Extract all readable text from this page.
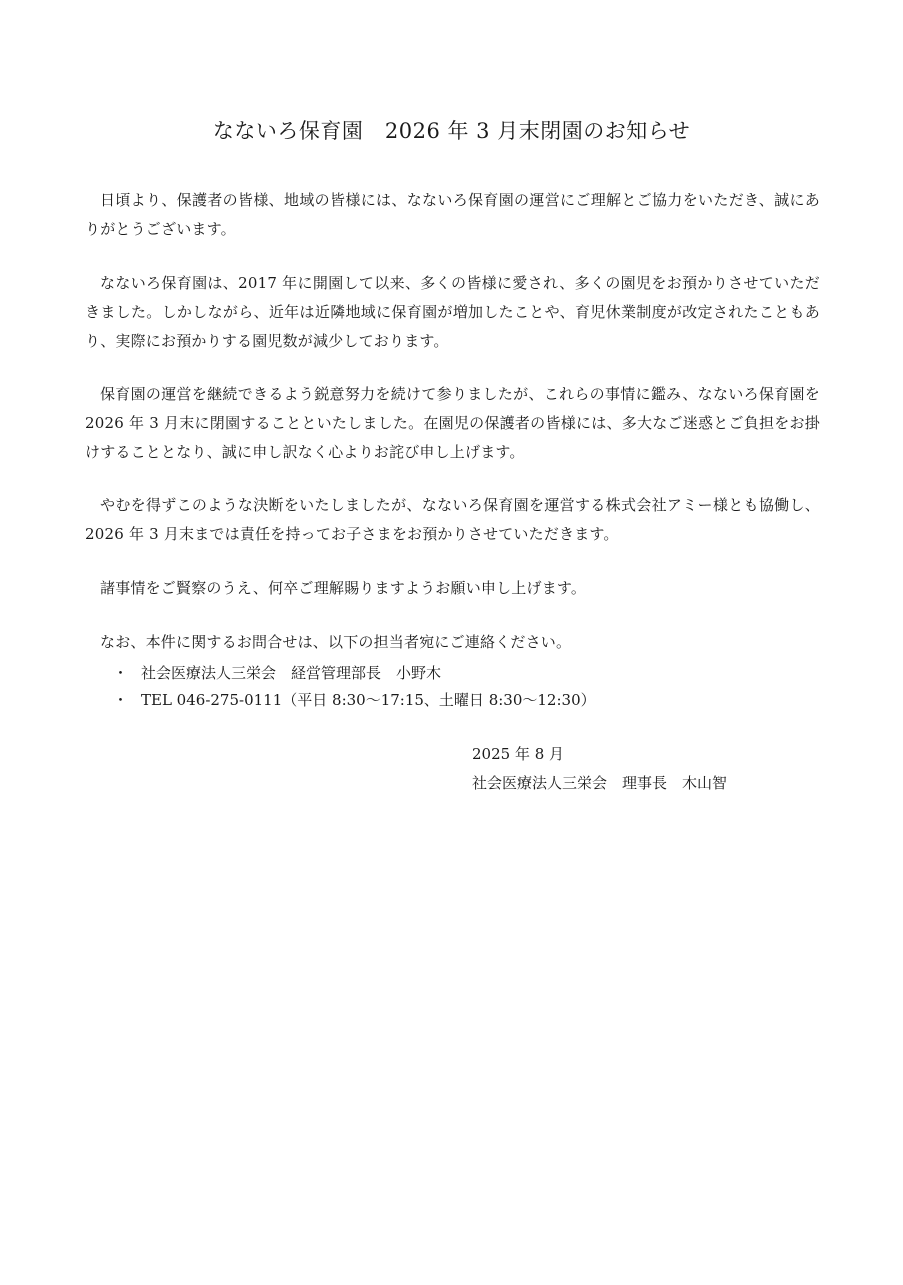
なないろ保育園　2026 年 3 月末閉園のお知らせ
日頃より、保護者の皆様、地域の皆様には、なないろ保育園の運営にご理解とご協力をいただき、誠にありがとうございます。
なないろ保育園は、2017 年に開園して以来、多くの皆様に愛され、多くの園児をお預かりさせていただきました。しかしながら、近年は近隣地域に保育園が増加したことや、育児休業制度が改定されたこともあり、実際にお預かりする園児数が減少しております。
保育園の運営を継続できるよう鋭意努力を続けて参りましたが、これらの事情に鑑み、なないろ保育園を 2026 年 3 月末に閉園することといたしました。在園児の保護者の皆様には、多大なご迷惑とご負担をお掛けすることとなり、誠に申し訳なく心よりお詫び申し上げます。
やむを得ずこのような決断をいたしましたが、なないろ保育園を運営する株式会社アミー様とも協働し、2026 年 3 月末までは責任を持ってお子さまをお預かりさせていただきます。
諸事情をご賢察のうえ、何卒ご理解賜りますようお願い申し上げます。
なお、本件に関するお問合せは、以下の担当者宛にご連絡ください。
・ 社会医療法人三栄会　経営管理部長　小野木
・ TEL 046-275-0111（平日 8:30～17:15、土曜日 8:30～12:30）
2025 年 8 月
社会医療法人三栄会　理事長　木山智
